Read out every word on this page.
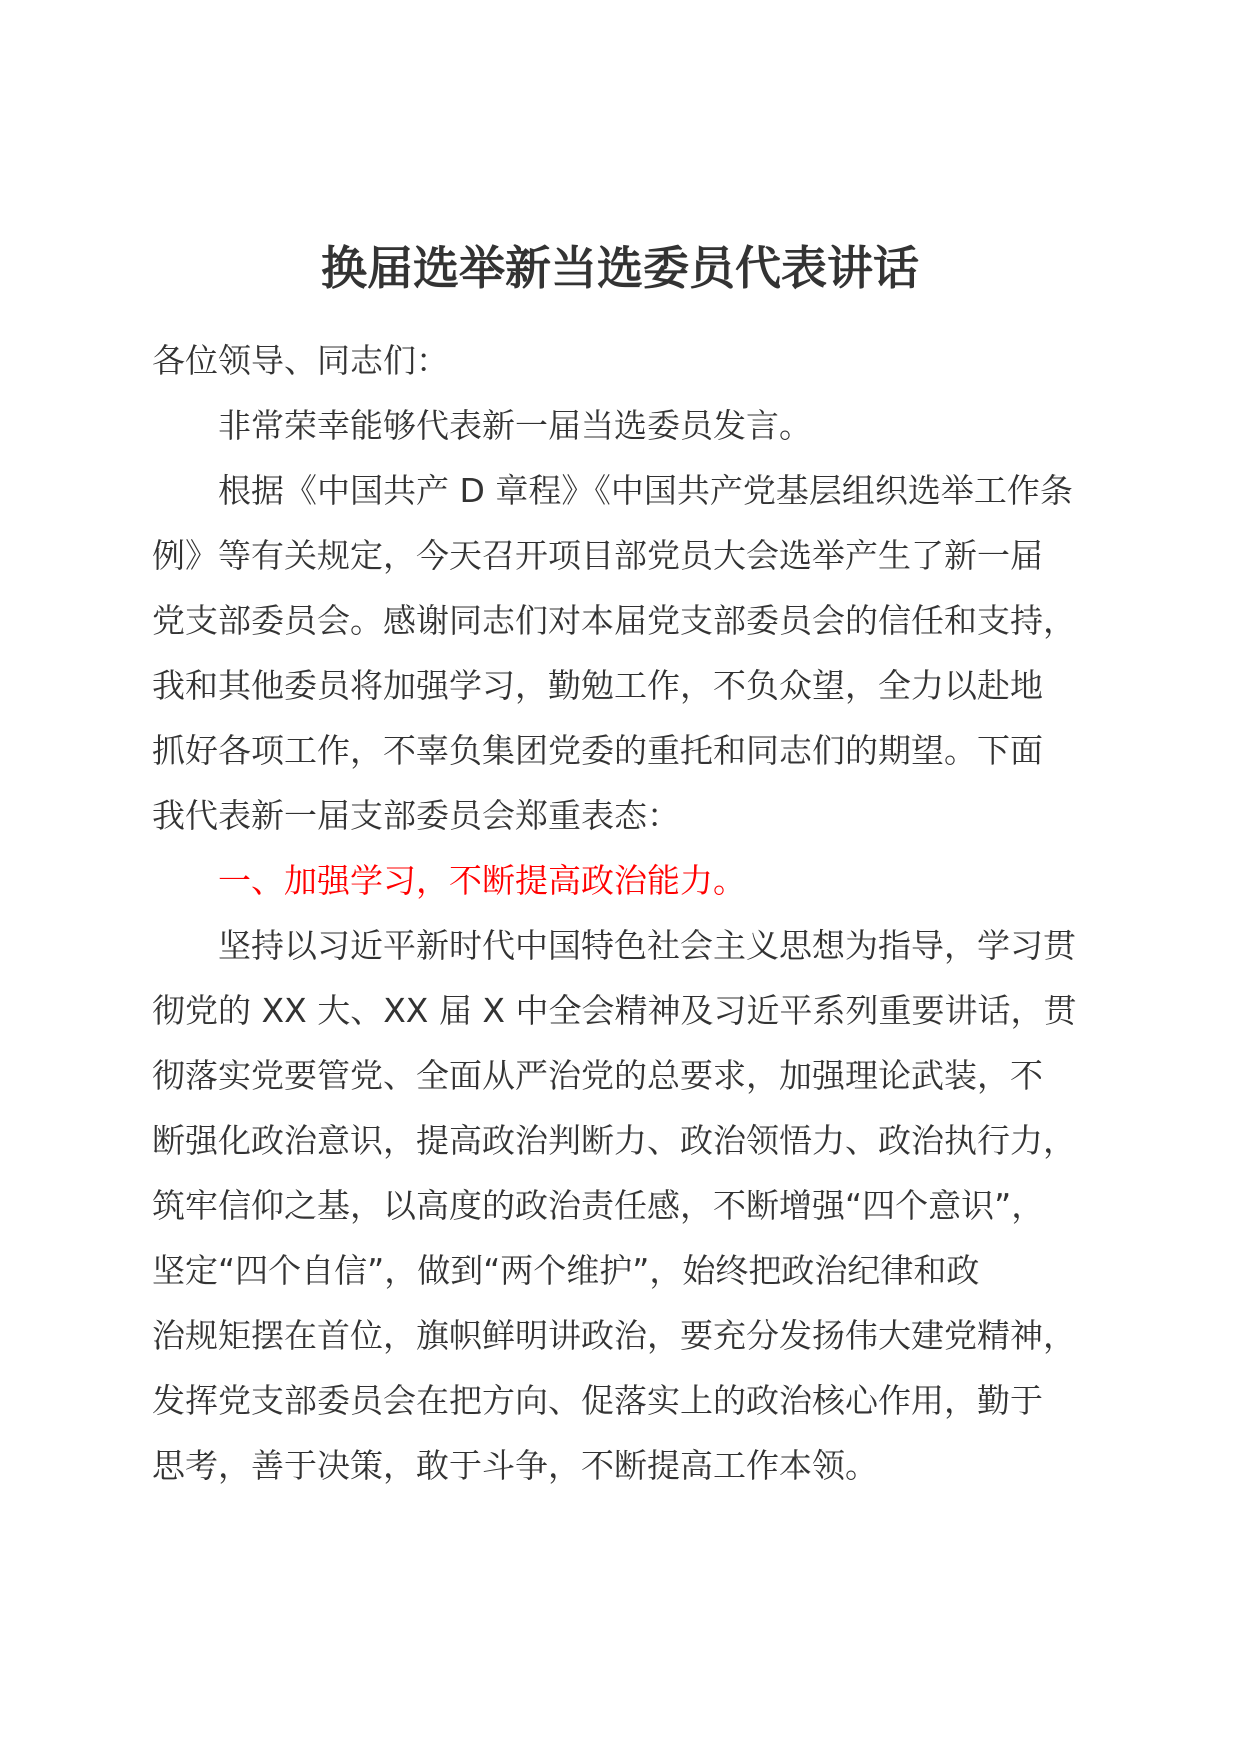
换届选举新当选委员代表讲话

各位领导、同志们：

非常荣幸能够代表新一届当选委员发言。

根据《中国共产 D 章程》《中国共产党基层组织选举工作条
例》等有关规定，今天召开项目部党员大会选举产生了新一届
党支部委员会。感谢同志们对本届党支部委员会的信任和支持，
我和其他委员将加强学习，勤勉工作，不负众望，全力以赴地
抓好各项工作，不辜负集团党委的重托和同志们的期望。下面
我代表新一届支部委员会郑重表态：

一、加强学习，不断提高政治能力。

坚持以习近平新时代中国特色社会主义思想为指导，学习贯
彻党的 XX 大、XX 届 X 中全会精神及习近平系列重要讲话，贯
彻落实党要管党、全面从严治党的总要求，加强理论武装，不
断强化政治意识，提高政治判断力、政治领悟力、政治执行力，
筑牢信仰之基，以高度的政治责任感，不断增强“四个意识”，
坚定“四个自信”，做到“两个维护”，始终把政治纪律和政
治规矩摆在首位，旗帜鲜明讲政治，要充分发扬伟大建党精神，
发挥党支部委员会在把方向、促落实上的政治核心作用，勤于
思考，善于决策，敢于斗争，不断提高工作本领。
